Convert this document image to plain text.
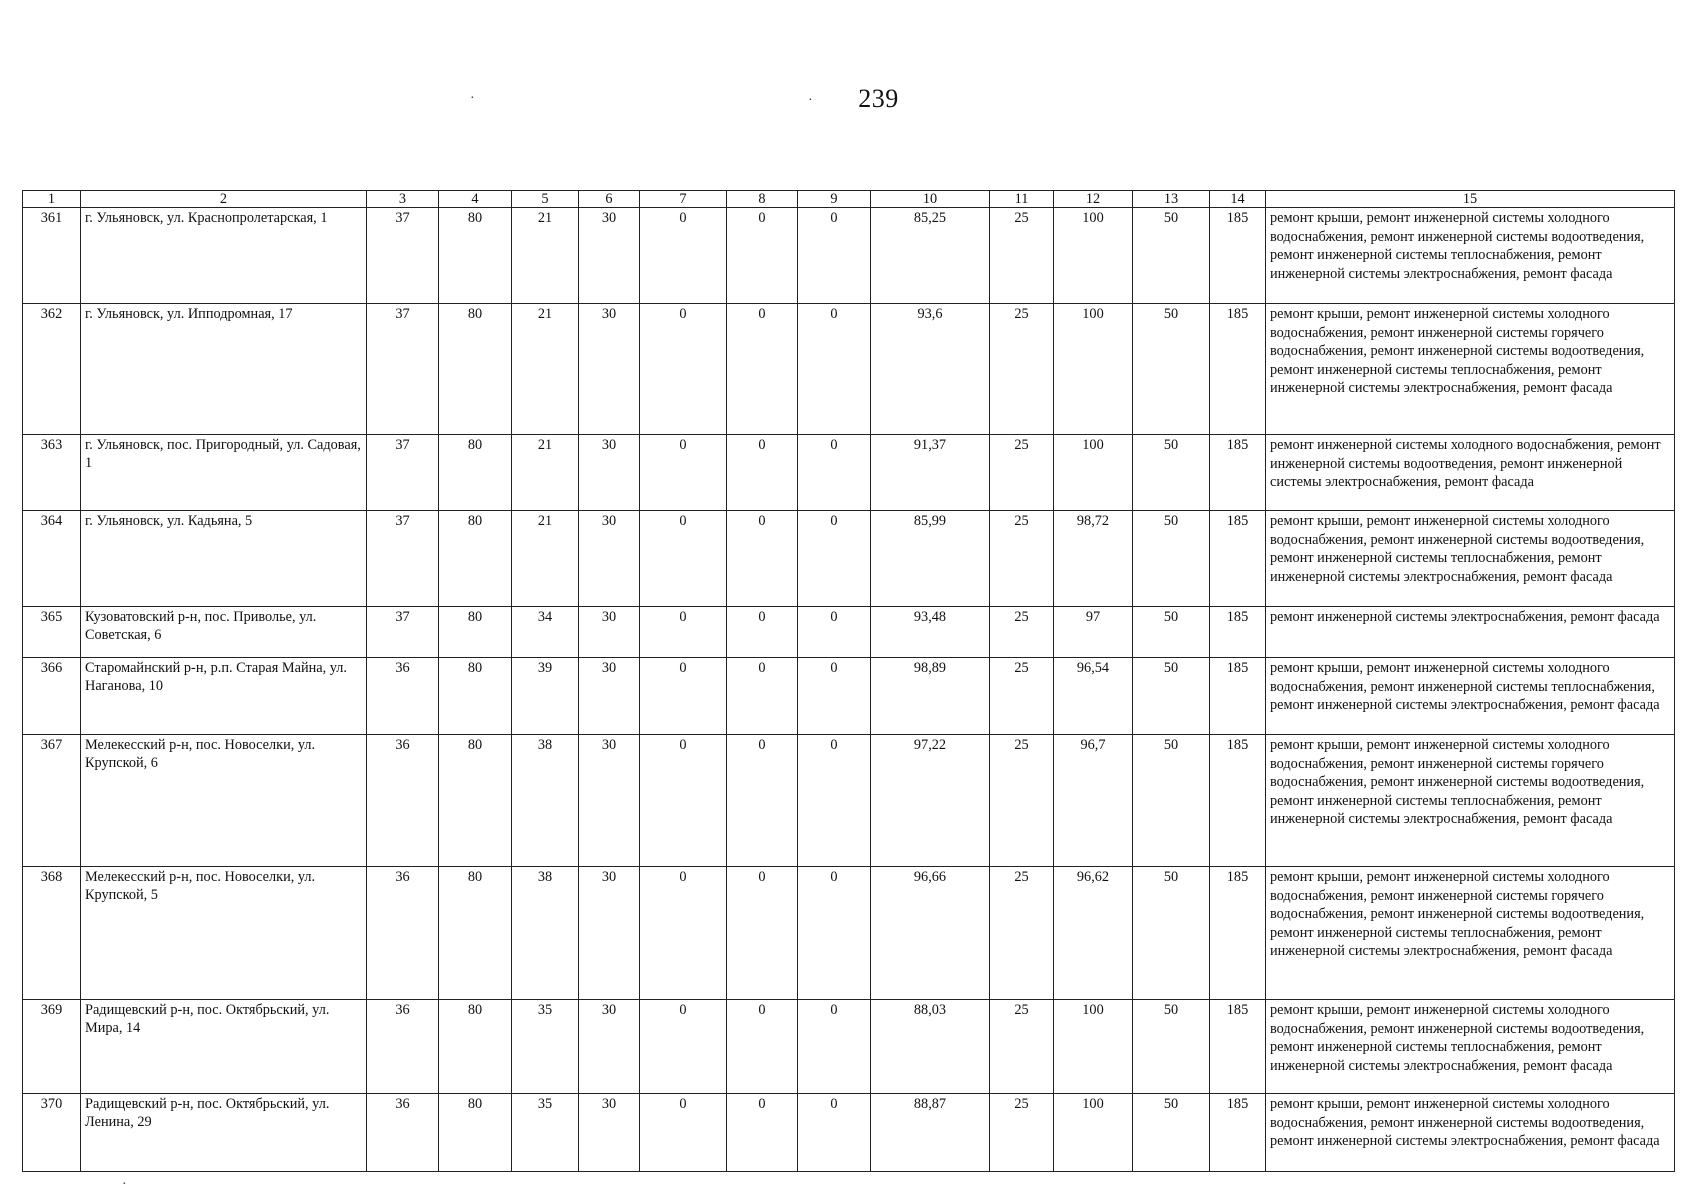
239
·	·
·
1	2	3	4	5	6	7	8	9	10	11	12	13	14	15
361	г. Ульяновск, ул. Краснопролетарская, 1	37	80	21	30	0	0	0	85,25	25	100	50	185	ремонт крыши, ремонт инженерной системы холодного водоснабжения, ремонт инженерной системы водоотведения, ремонт инженерной системы теплоснабжения, ремонт инженерной системы электроснабжения, ремонт фасада
362	г. Ульяновск, ул. Ипподромная, 17	37	80	21	30	0	0	0	93,6	25	100	50	185	ремонт крыши, ремонт инженерной системы холодного водоснабжения, ремонт инженерной системы горячего водоснабжения, ремонт инженерной системы водоотведения, ремонт инженерной системы теплоснабжения, ремонт инженерной системы электроснабжения, ремонт фасада
363	г. Ульяновск, пос. Пригородный, ул. Садовая, 1	37	80	21	30	0	0	0	91,37	25	100	50	185	ремонт инженерной системы холодного водоснабжения, ремонт инженерной системы водоотведения, ремонт инженерной системы электроснабжения, ремонт фасада
364	г. Ульяновск, ул. Кадьяна, 5	37	80	21	30	0	0	0	85,99	25	98,72	50	185	ремонт крыши, ремонт инженерной системы холодного водоснабжения, ремонт инженерной системы водоотведения, ремонт инженерной системы теплоснабжения, ремонт инженерной системы электроснабжения, ремонт фасада
365	Кузоватовский р-н, пос. Приволье, ул. Советская, 6	37	80	34	30	0	0	0	93,48	25	97	50	185	ремонт инженерной системы электроснабжения, ремонт фасада
366	Старомайнский р-н, р.п. Старая Майна, ул. Наганова, 10	36	80	39	30	0	0	0	98,89	25	96,54	50	185	ремонт крыши, ремонт инженерной системы холодного водоснабжения, ремонт инженерной системы теплоснабжения, ремонт инженерной системы электроснабжения, ремонт фасада
367	Мелекесский р-н, пос. Новоселки, ул. Крупской, 6	36	80	38	30	0	0	0	97,22	25	96,7	50	185	ремонт крыши, ремонт инженерной системы холодного водоснабжения, ремонт инженерной системы горячего водоснабжения, ремонт инженерной системы водоотведения, ремонт инженерной системы теплоснабжения, ремонт инженерной системы электроснабжения, ремонт фасада
368	Мелекесский р-н, пос. Новоселки, ул. Крупской, 5	36	80	38	30	0	0	0	96,66	25	96,62	50	185	ремонт крыши, ремонт инженерной системы холодного водоснабжения, ремонт инженерной системы горячего водоснабжения, ремонт инженерной системы водоотведения, ремонт инженерной системы теплоснабжения, ремонт инженерной системы электроснабжения, ремонт фасада
369	Радищевский р-н, пос. Октябрьский, ул. Мира, 14	36	80	35	30	0	0	0	88,03	25	100	50	185	ремонт крыши, ремонт инженерной системы холодного водоснабжения, ремонт инженерной системы водоотведения, ремонт инженерной системы теплоснабжения, ремонт инженерной системы электроснабжения, ремонт фасада
370	Радищевский р-н, пос. Октябрьский, ул. Ленина, 29	36	80	35	30	0	0	0	88,87	25	100	50	185	ремонт крыши, ремонт инженерной системы холодного водоснабжения, ремонт инженерной системы водоотведения, ремонт инженерной системы электроснабжения, ремонт фасада
